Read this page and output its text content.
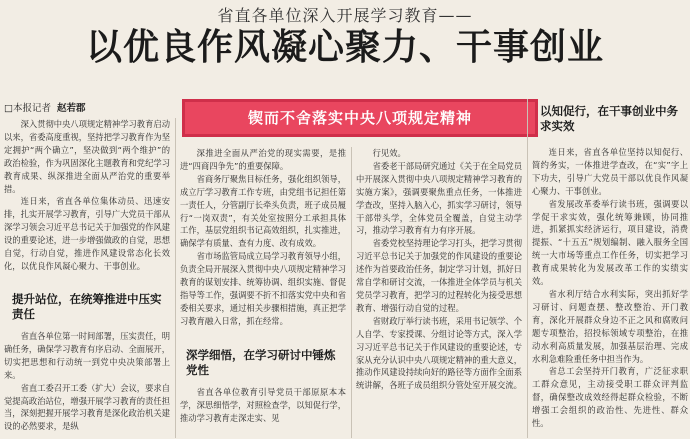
省直各单位深入开展学习教育——
以优良作风凝心聚力、干事创业
□本报记者 赵若郡
锲而不舍落实中央八项规定精神

深入贯彻中央八项规定精神学习教育启动以来，省委高度重视，坚持把学习教育作为坚定拥护“两个确立”，坚决做到“两个维护”的政治检验，作为巩固深化主题教育和党纪学习教育成果、纵深推进全面从严治党的重要举措。

连日来，省直各单位集体动员、迅速安排，扎实开展学习教育，引导广大党员干部从深学习领会习近平总书记关于加强党的作风建设的重要论述，进一步增强做政的自觉，思想自觉，行动自觉，推进作风建设常态化长效化，以优良作风凝心聚力、干事创业。

提升站位，在统筹推进中压实责任

省直各单位第一时间部署，压实责任，明确任务，确保学习教育有序启动、全面展开，切实把思想和行动统一到党中央决策部署上来。

省直工委召开工委（扩大）会议，要求自觉提高政治站位，增强开展学习教育的责任担当，深刻把握开展学习教育是深化政治机关建设的必然要求，是纵

深推进全面从严治党的现实需要，是推进“四商四争先”的重要保障。

省商务厅聚焦目标任务，强化组织领导，成立厅学习教育工作专班，由党组书记担任第一责任人，分管副厅长牵头负责，班子成员履行“一岗双责”，有关处室按照分工承担具体工作，基层党组织书记高效组织，扎实推进，确保学有质量、查有力度、改有成效。

省市场监管局成立局学习教育领导小组，负责全局开展深入贯彻中央八项规定精神学习教育的谋划安排、统筹协调、组织实施、督促指导等工作，强调要不折不扣落实党中央和省委相关要求，通过相关步骤相措施，真正把学习教育融入日常，抓在经常。

深学细悟，在学习研讨中锤炼党性

省直各单位教育引导党员干部原原本本学，深思细悟学，对照检查学，以知促行学，推动学习教育走深走实、见

行见效。

省委老干部局研究通过《关于在全局党员中开展深入贯彻中央八项规定精神学习教育的实施方案》，强调要聚焦重点任务，一体推进学查改，坚持入脑入心，抓实学习研讨，领导干部带头学，全体党员全覆盖，自觉主动学习，推动学习教育有力有序开展。

省委党校坚持理论学习打头，把学习贯彻习近平总书记关于加强党的作风建设的重要论述作为首要政治任务，制定学习计划，抓好日常自学和研讨交流，一体推进全体学员与机关党员学习教育，把学习的过程转化为接受思想教育、增强行动自觉的过程。

省财政厅举行读书班，采用书记领学、个人自学、专家授课、分组讨论等方式，深入学习习近平总书记关于作风建设的重要论述，专家从充分认识中央八项规定精神的重大意义，推动作风建设持续向好的路径等方面作全面系统讲解，各班子成员组织分管处室开展交流。

以知促行，在干事创业中务求实效

连日来，省直各单位坚持以知促行、简约务实，一体推进学查改，在“实”字上下功夫，引导广大党员干部以优良作风凝心聚力、干事创业。

省发展改革委举行读书班，强调要以学促干求实效，强化统筹兼顾，协同推进，抓紧抓实经济运行，项目建设，消费提振、“十五五”规划编制、融入服务全国统一大市场等重点工作任务，切实把学习教育成果转化为发展改革工作的实绩实效。

省水利厅结合水利实际，突出抓好学习研讨、问题查摆、整改整治、开门教育，深化开展群众身边不正之风和腐败问题专项整治，招投标领域专项整治，在推动水利高质量发展，加强基层治理、完成水利急难险重任务中担当作为。

省总工会坚持开门教育，广泛征求职工群众意见，主动接受职工群众评判监督，确保整改成效经得起群众检验，不断增强工会组织的政治性、先进性、群众性。
